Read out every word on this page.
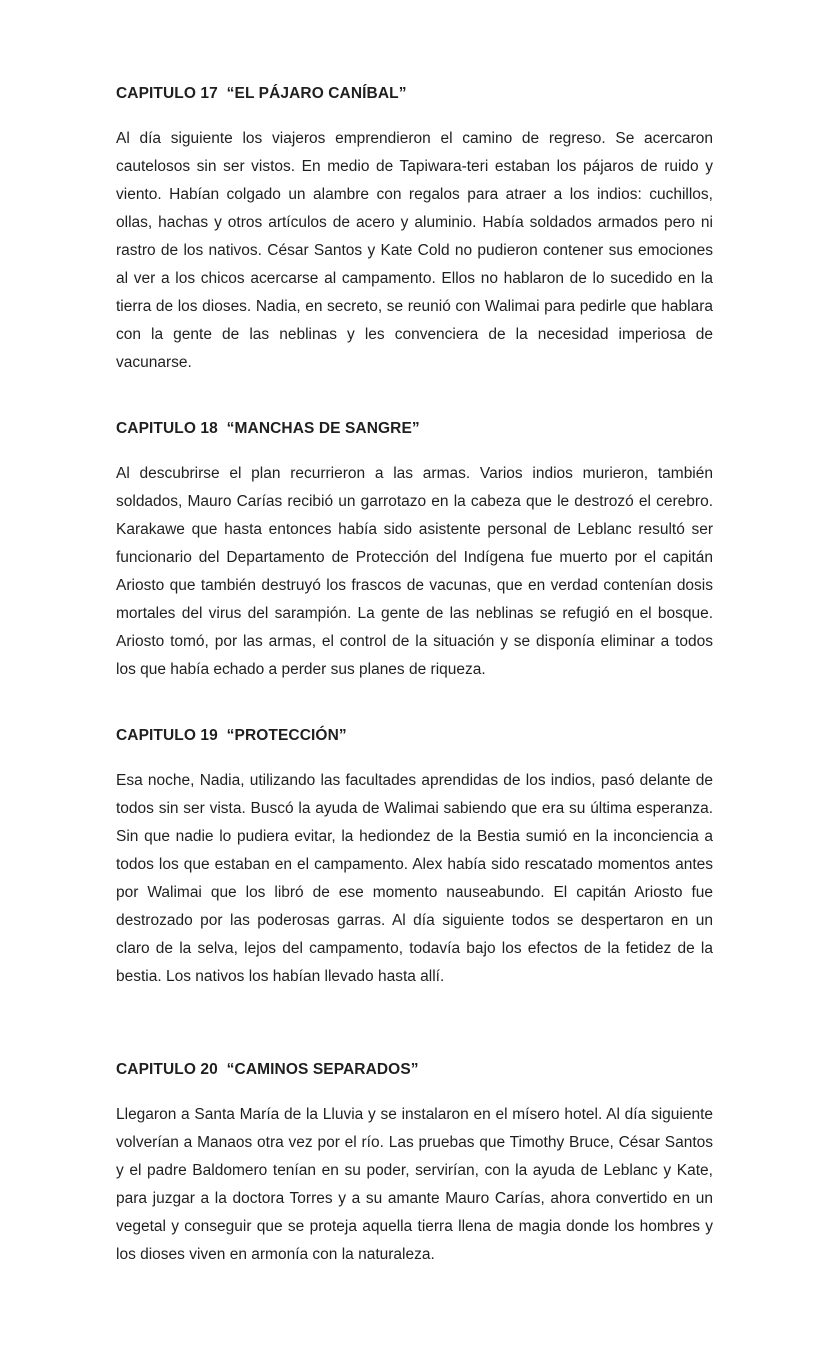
CAPITULO 17  “EL PÁJARO CANÍBAL”

Al día siguiente los viajeros emprendieron el camino de regreso. Se acercaron cautelosos sin ser vistos. En medio de Tapiwara-teri estaban los pájaros de ruido y viento. Habían colgado un alambre con regalos para atraer a los indios: cuchillos, ollas, hachas y otros artículos de acero y aluminio. Había soldados armados pero ni rastro de los nativos. César Santos y Kate Cold no pudieron contener sus emociones al ver a los chicos acercarse al campamento. Ellos no hablaron de lo sucedido en la tierra de los dioses. Nadia, en secreto, se reunió con Walimai para pedirle que hablara con la gente de las neblinas y les convenciera de la necesidad imperiosa de vacunarse.

CAPITULO 18  “MANCHAS DE SANGRE”

Al descubrirse el plan recurrieron a las armas. Varios indios murieron, también soldados, Mauro Carías recibió un garrotazo en la cabeza que le destrozó el cerebro. Karakawe que hasta entonces había sido asistente personal de Leblanc resultó ser funcionario del Departamento de Protección del Indígena fue muerto por el capitán Ariosto que también destruyó los frascos de vacunas, que en verdad contenían dosis mortales del virus del sarampión. La gente de las neblinas se refugió en el bosque. Ariosto tomó, por las armas, el control de la situación y se disponía eliminar a todos los que había echado a perder sus planes de riqueza.

CAPITULO 19  “PROTECCIÓN”

Esa noche, Nadia, utilizando las facultades aprendidas de los indios, pasó delante de todos sin ser vista. Buscó la ayuda de Walimai sabiendo que era su última esperanza. Sin que nadie lo pudiera evitar, la hediondez de la Bestia sumió en la inconciencia a todos los que estaban en el campamento. Alex había sido rescatado momentos antes por Walimai que los libró de ese momento nauseabundo. El capitán Ariosto fue destrozado por las poderosas garras. Al día siguiente todos se despertaron en un claro de la selva, lejos del campamento, todavía bajo los efectos de la fetidez de la bestia. Los nativos los habían llevado hasta allí.

CAPITULO 20  “CAMINOS SEPARADOS”

Llegaron a Santa María de la Lluvia y se instalaron en el mísero hotel. Al día siguiente volverían a Manaos otra vez por el río. Las pruebas que Timothy Bruce, César Santos y el padre Baldomero tenían en su poder, servirían, con la ayuda de Leblanc y Kate, para juzgar a la doctora Torres y a su amante Mauro Carías, ahora convertido en un vegetal y conseguir que se proteja aquella tierra llena de magia donde los hombres y los dioses viven en armonía con la naturaleza.
